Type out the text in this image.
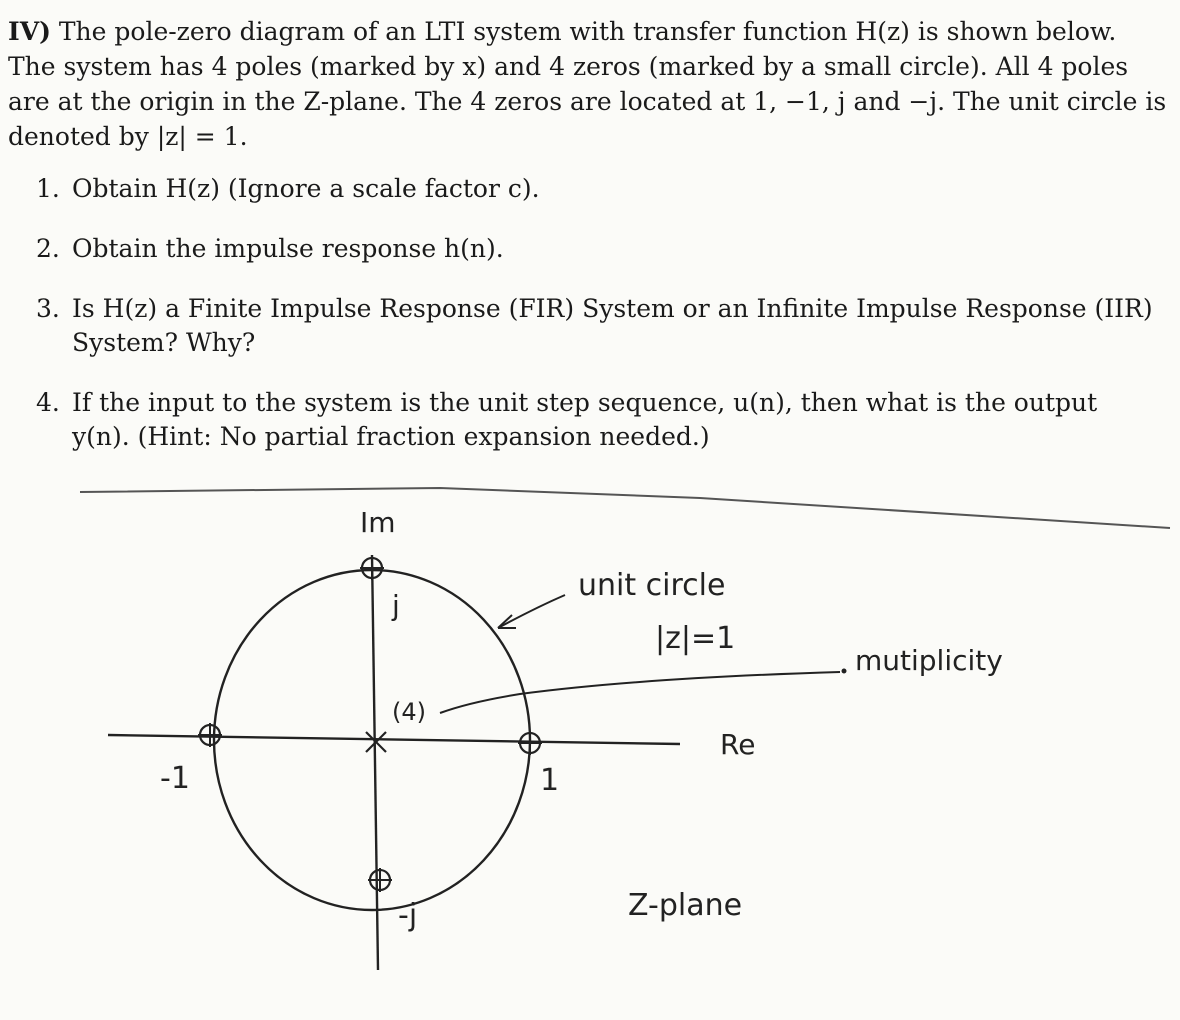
IV) The pole-zero diagram of an LTI system with transfer function H(z) is shown below. The system has 4 poles (marked by x) and 4 zeros (marked by a small circle). All 4 poles are at the origin in the Z-plane. The 4 zeros are located at 1, −1, j and −j. The unit circle is denoted by |z| = 1.

1. Obtain H(z) (Ignore a scale factor c).
2. Obtain the impulse response h(n).
3. Is H(z) a Finite Impulse Response (FIR) System or an Infinite Impulse Response (IIR) System? Why?
4. If the input to the system is the unit step sequence, u(n), then what is the output y(n). (Hint: No partial fraction expansion needed.)
Im
j
-j
-1	1
Re
(4)
unit circle
|z|=1
mutiplicity
Z-plane
